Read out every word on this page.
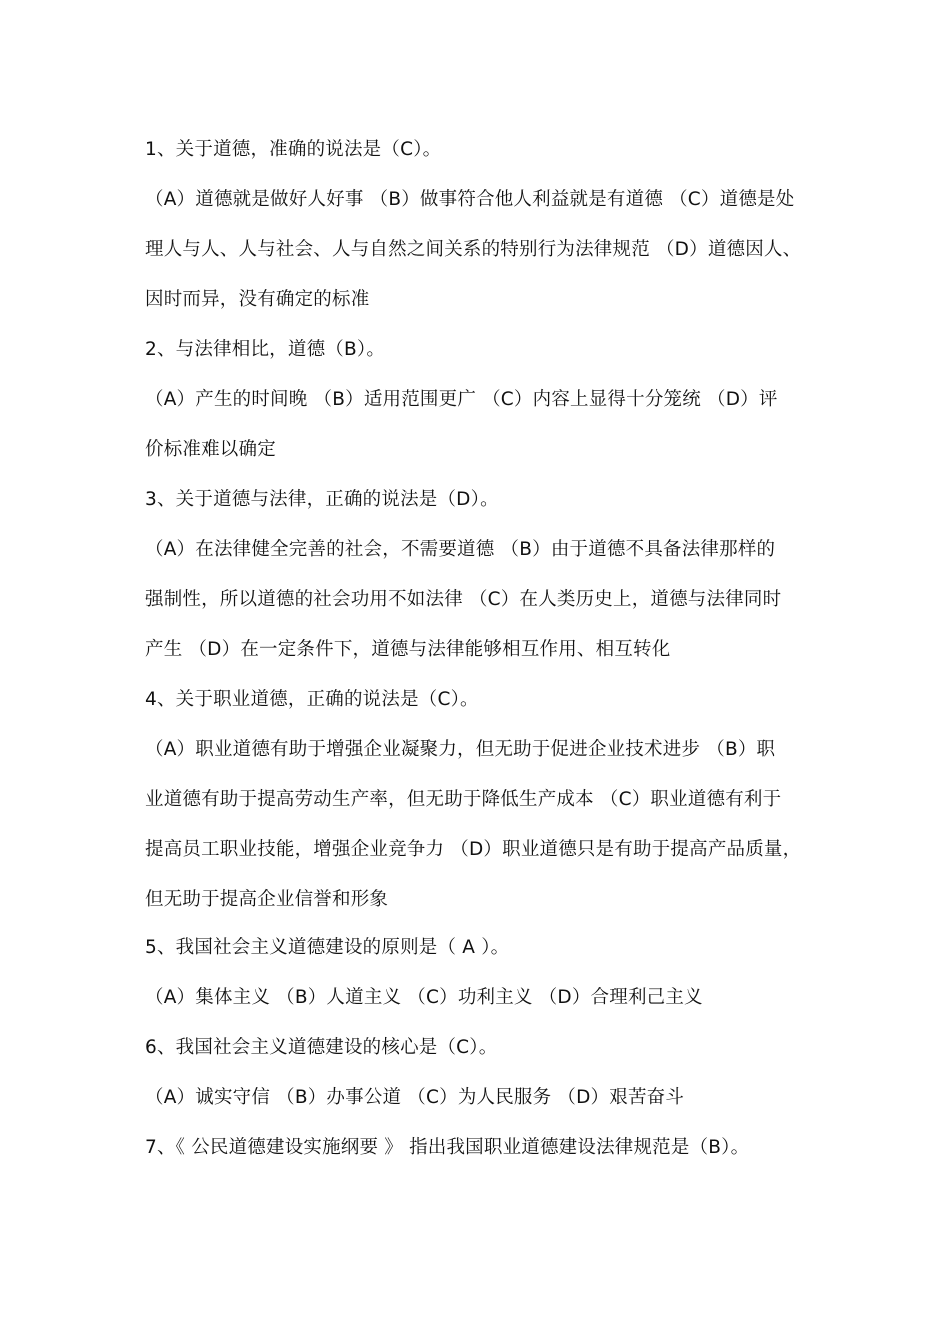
1、关于道德，准确的说法是（C）。
（A）道德就是做好人好事 （B）做事符合他人利益就是有道德 （C）道德是处
理人与人、人与社会、人与自然之间关系的特别行为法律规范 （D）道德因人、
因时而异，没有确定的标准
2、与法律相比，道德（B）。
（A）产生的时间晚 （B）适用范围更广 （C）内容上显得十分笼统 （D）评
价标准难以确定
3、关于道德与法律，正确的说法是（D）。
（A）在法律健全完善的社会，不需要道德 （B）由于道德不具备法律那样的
强制性，所以道德的社会功用不如法律 （C）在人类历史上，道德与法律同时
产生 （D）在一定条件下，道德与法律能够相互作用、相互转化
4、关于职业道德，正确的说法是（C）。
（A）职业道德有助于增强企业凝聚力，但无助于促进企业技术进步 （B）职
业道德有助于提高劳动生产率，但无助于降低生产成本 （C）职业道德有利于
提高员工职业技能，增强企业竞争力 （D）职业道德只是有助于提高产品质量，
但无助于提高企业信誉和形象
5、我国社会主义道德建设的原则是（ A ）。
（A）集体主义 （B）人道主义 （C）功利主义 （D）合理利己主义
6、我国社会主义道德建设的核心是（C）。
（A）诚实守信 （B）办事公道 （C）为人民服务 （D）艰苦奋斗
7、《 公民道德建设实施纲要 》 指出我国职业道德建设法律规范是（B）。
